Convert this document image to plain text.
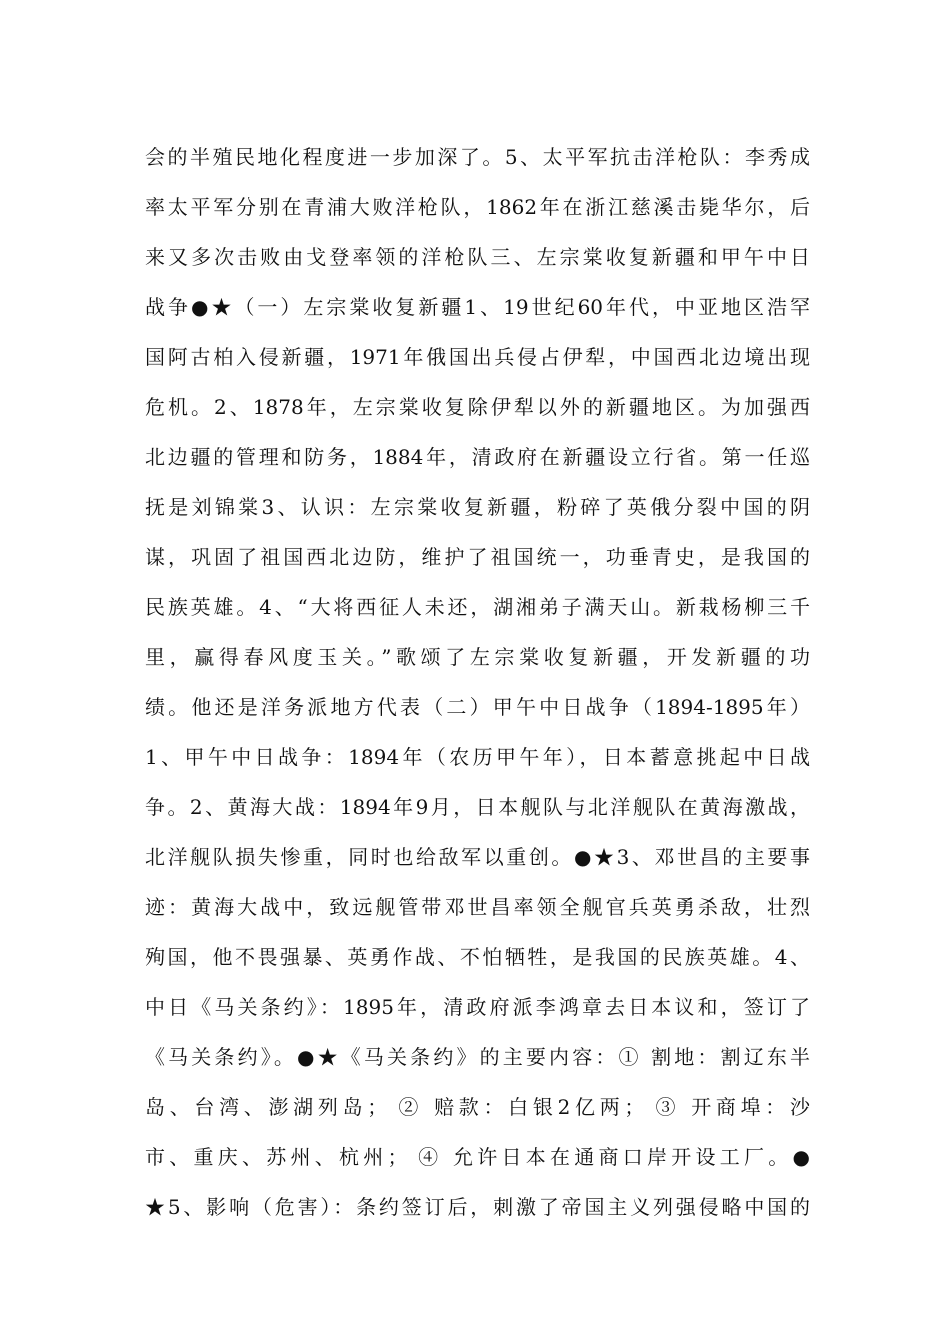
会的半殖民地化程度进一步加深了。5、太平军抗击洋枪队：李秀成
率太平军分别在青浦大败洋枪队，1862年在浙江慈溪击毙华尔，后
来又多次击败由戈登率领的洋枪队三、左宗棠收复新疆和甲午中日
战争●★（一）左宗棠收复新疆1、19世纪60年代，中亚地区浩罕
国阿古柏入侵新疆，1971年俄国出兵侵占伊犁，中国西北边境出现
危机。2、1878年，左宗棠收复除伊犁以外的新疆地区。为加强西
北边疆的管理和防务，1884年，清政府在新疆设立行省。第一任巡
抚是刘锦棠3、认识：左宗棠收复新疆，粉碎了英俄分裂中国的阴
谋，巩固了祖国西北边防，维护了祖国统一，功垂青史，是我国的
民族英雄。4、“大将西征人未还，湖湘弟子满天山。新栽杨柳三千
里，赢得春风度玉关。”歌颂了左宗棠收复新疆，开发新疆的功
绩。他还是洋务派地方代表（二）甲午中日战争（1894-1895年）
1、甲午中日战争：1894年（农历甲午年），日本蓄意挑起中日战
争。2、黄海大战：1894年9月，日本舰队与北洋舰队在黄海激战，
北洋舰队损失惨重，同时也给敌军以重创。●★3、邓世昌的主要事
迹：黄海大战中，致远舰管带邓世昌率领全舰官兵英勇杀敌，壮烈
殉国，他不畏强暴、英勇作战、不怕牺牲，是我国的民族英雄。4、
中日《马关条约》：1895年，清政府派李鸿章去日本议和，签订了
《马关条约》。●★《马关条约》的主要内容：① 割地：割辽东半
岛、台湾、澎湖列岛； ② 赔款：白银2亿两； ③ 开商埠：沙
市、重庆、苏州、杭州； ④ 允许日本在通商口岸开设工厂。●
★5、影响（危害）：条约签订后，刺激了帝国主义列强侵略中国的
